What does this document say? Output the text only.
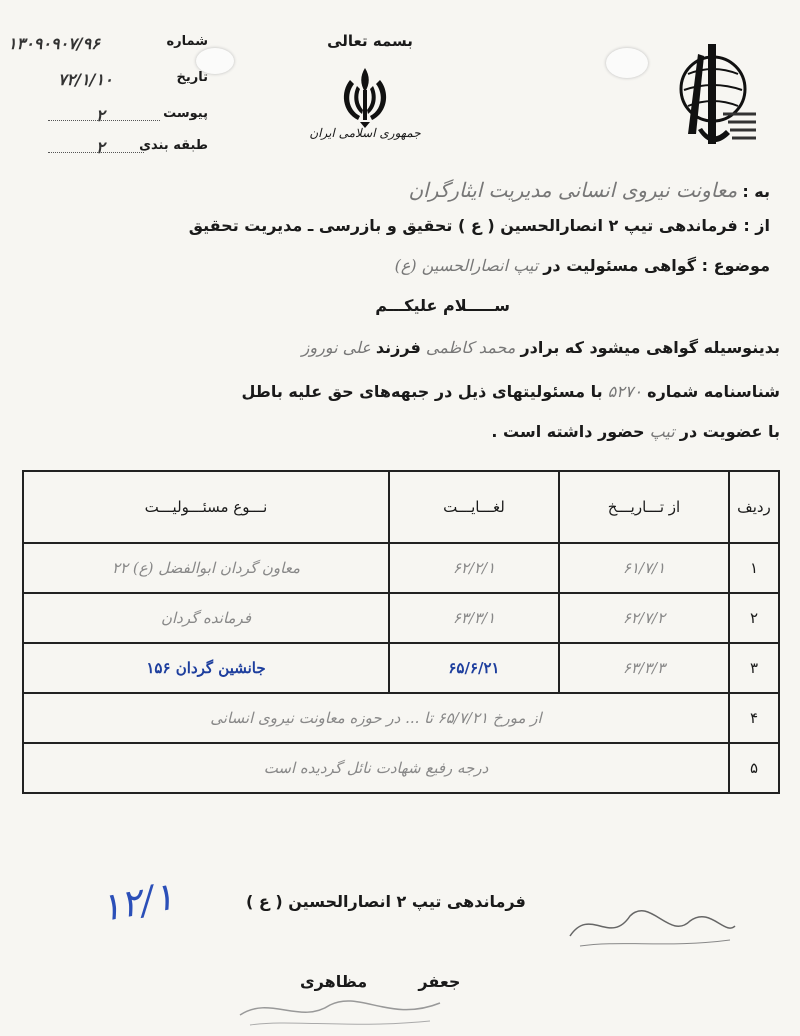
شماره
۱۳۰۹۰۹۰۷/۹۶
تاریخ
۷۲/۱/۱۰
پیوست
۲
طبقه بندی
۲
بسمه تعالی
جمهوری اسلامی ایران
به : معاونت نیروی انسانی مدیریت ایثارگران
از : فرماندهی تیپ ۲ انصارالحسین ( ع ) تحقیق و بازرسی ـ مدیریت تحقیق
موضوع : گواهی مسئولیت در تیپ انصارالحسین (ع)
ســـــلام علیکـــم
بدینوسیله گواهی میشود که برادر محمد کاظمی فرزند علی نوروز
شناسنامه شماره ۵۲۷۰ با مسئولیتهای ذیل در جبهه‌های حق علیه باطل
با عضویت در تیپ حضور داشته است .
ردیف	از تـــاریـــخ	لغـــایـــت	نـــوع مسئـــولیـــت
۱	۶۱/۷/۱	۶۲/۲/۱	معاون گردان ابوالفضل (ع) ۲۲
۲	۶۲/۷/۲	۶۳/۳/۱	فرمانده گردان
۳	۶۳/۳/۳	۶۵/۶/۲۱	جانشین گردان ۱۵۶
۴	از مورخ ۶۵/۷/۲۱ تا ... در حوزه معاونت نیروی انسانی		
۵	درجه رفیع شهادت نائل گردیده است		
فرماندهی تیپ ۲ انصارالحسین ( ع )
جعفر  مظاهری
۱۲/۱
